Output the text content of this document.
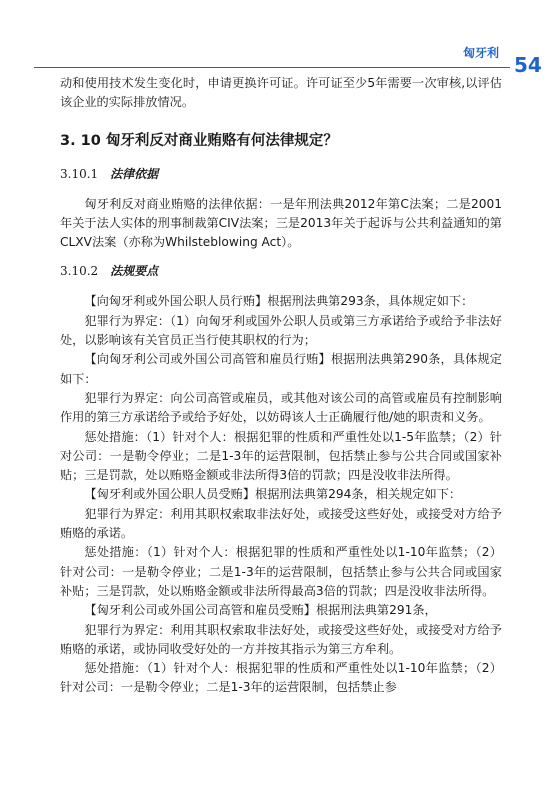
匈牙利 54

动和使用技术发生变化时，申请更换许可证。许可证至少5年需要一次审核,以评估该企业的实际排放情况。

3. 10 匈牙利反对商业贿赂有何法律规定？
3.10.1 法律依据

匈牙利反对商业贿赂的法律依据：一是年刑法典2012年第C法案；二是2001年关于法人实体的刑事制裁第CIV法案；三是2013年关于起诉与公共利益通知的第CLXV法案（亦称为Whilsteblowing Act）。

3.10.2 法规要点

【向匈牙利或外国公职人员行贿】根据刑法典第293条，具体规定如下：

犯罪行为界定：（1）向匈牙利或国外公职人员或第三方承诺给予或给予非法好处，以影响该有关官员正当行使其职权的行为；

【向匈牙利公司或外国公司高管和雇员行贿】根据刑法典第290条，具体规定如下：

犯罪行为界定：向公司高管或雇员，或其他对该公司的高管或雇员有控制影响作用的第三方承诺给予或给予好处，以妨碍该人士正确履行他/她的职责和义务。

惩处措施：（1）针对个人：根据犯罪的性质和严重性处以1-5年监禁；（2）针对公司：一是勒令停业；二是1-3年的运营限制，包括禁止参与公共合同或国家补贴；三是罚款，处以贿赂金额或非法所得3倍的罚款；四是没收非法所得。

【匈牙利或外国公职人员受贿】根据刑法典第294条，相关规定如下：

犯罪行为界定：利用其职权索取非法好处，或接受这些好处，或接受对方给予贿赂的承诺。

惩处措施：（1）针对个人：根据犯罪的性质和严重性处以1-10年监禁；（2）针对公司：一是勒令停业；二是1-3年的运营限制，包括禁止参与公共合同或国家补贴；三是罚款，处以贿赂金额或非法所得最高3倍的罚款；四是没收非法所得。

【匈牙利公司或外国公司高管和雇员受贿】根据刑法典第291条，

犯罪行为界定：利用其职权索取非法好处，或接受这些好处，或接受对方给予贿赂的承诺，或协同收受好处的一方并按其指示为第三方牟利。

惩处措施：（1）针对个人：根据犯罪的性质和严重性处以1-10年监禁；（2）针对公司：一是勒令停业；二是1-3年的运营限制，包括禁止参
